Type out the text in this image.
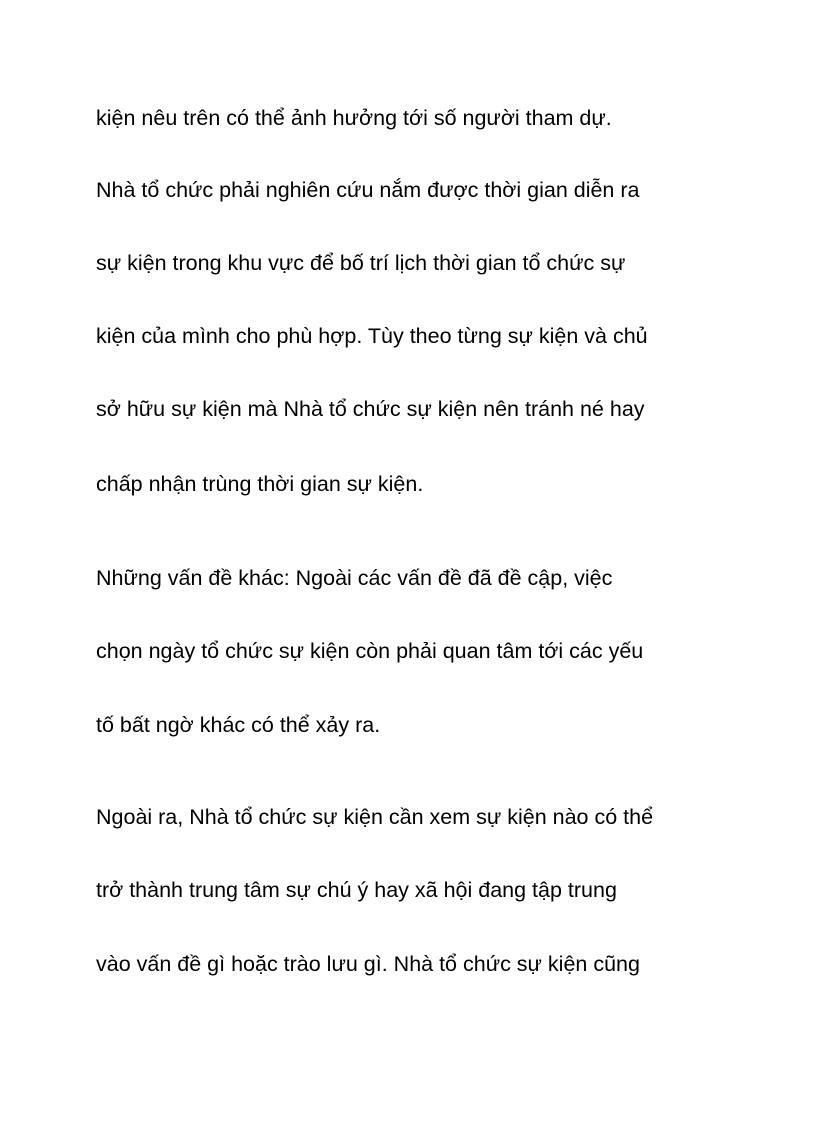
kiện nêu trên có thể ảnh hưởng tới số người tham dự.

Nhà tổ chức phải nghiên cứu nắm được thời gian diễn ra

sự kiện trong khu vực để bố trí lịch thời gian tổ chức sự

kiện của mình cho phù hợp. Tùy theo từng sự kiện và chủ

sở hữu sự kiện mà Nhà tổ chức sự kiện nên tránh né hay

chấp nhận trùng thời gian sự kiện.

Những vấn đề khác: Ngoài các vấn đề đã đề cập, việc

chọn ngày tổ chức sự kiện còn phải quan tâm tới các yếu

tố bất ngờ khác có thể xảy ra.

Ngoài ra, Nhà tổ chức sự kiện cần xem sự kiện nào có thể

trở thành trung tâm sự chú ý hay xã hội đang tập trung

vào vấn đề gì hoặc trào lưu gì. Nhà tổ chức sự kiện cũng
